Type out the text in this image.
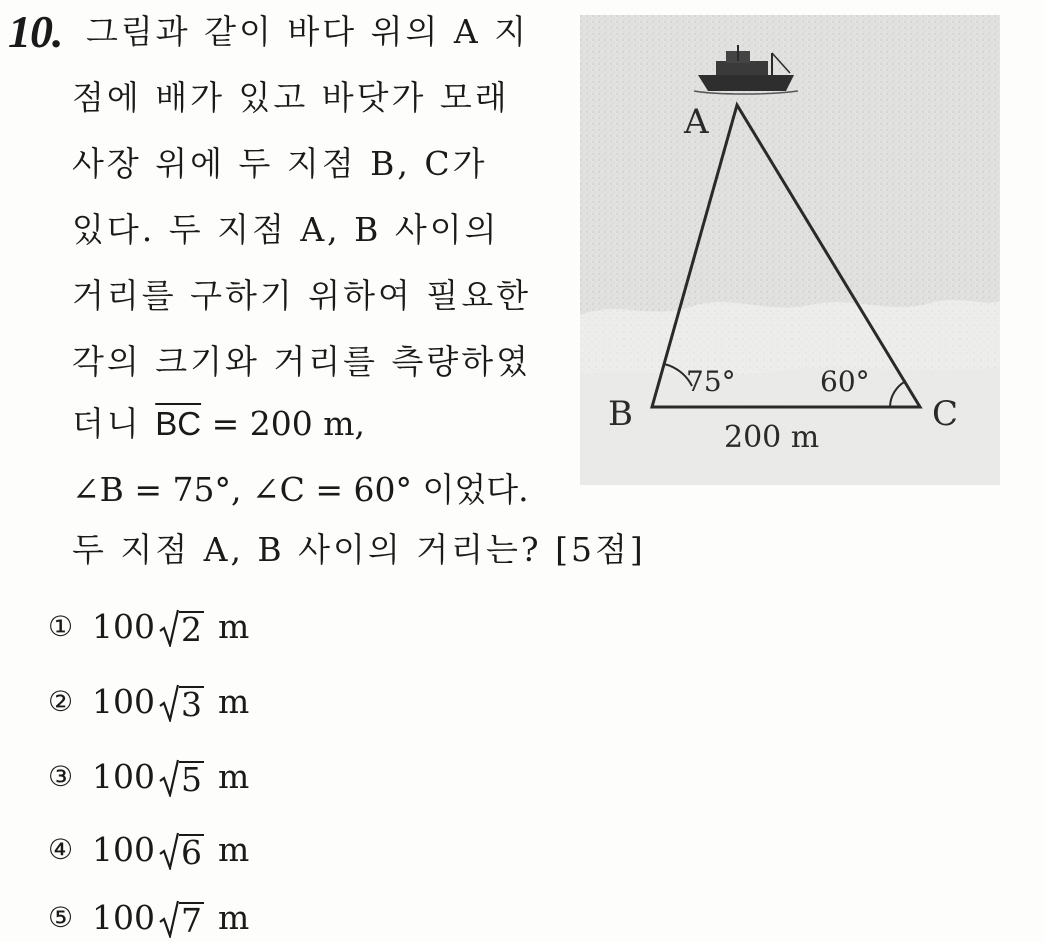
10. 그림과 같이 바다 위의 A 지
점에 배가 있고 바닷가 모래
사장 위에 두 지점 B, C가
있다. 두 지점 A, B 사이의
거리를 구하기 위하여 필요한
각의 크기와 거리를 측량하였
더니 $\overline{BC} = 200$ m,
∠B = 75°, ∠C = 60° 이었다.
두 지점 A, B 사이의 거리는? [5점]
① 100 2 m
② 100 3 m
③ 100 5 m
④ 100 6 m
⑤ 100 7 m
A
B	C
75°	60°
200 m
